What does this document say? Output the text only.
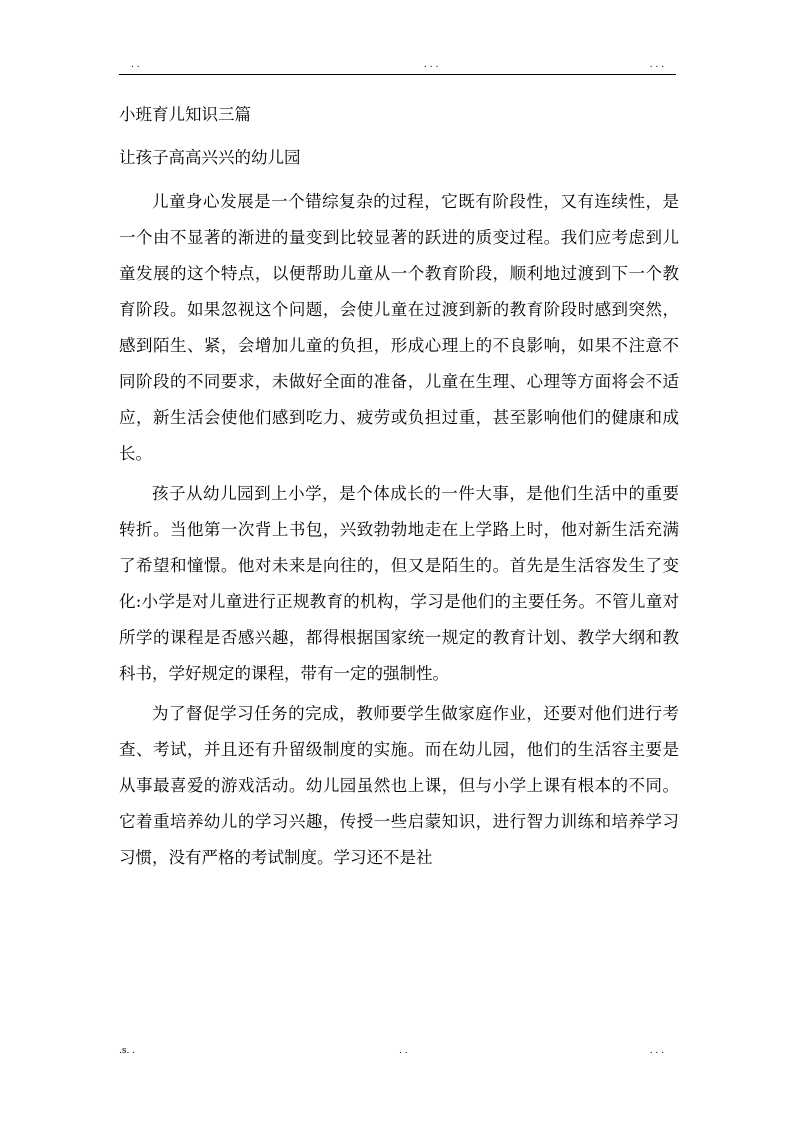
. .	. . .	. . .
小班育儿知识三篇
让孩子高高兴兴的幼儿园

儿童身心发展是一个错综复杂的过程，它既有阶段性，又有连续性，是一个由不显著的渐进的量变到比较显著的跃进的质变过程。我们应考虑到儿童发展的这个特点，以便帮助儿童从一个教育阶段，顺利地过渡到下一个教育阶段。如果忽视这个问题，会使儿童在过渡到新的教育阶段时感到突然，感到陌生、紧，会增加儿童的负担，形成心理上的不良影响，如果不注意不同阶段的不同要求，未做好全面的准备，儿童在生理、心理等方面将会不适应，新生活会使他们感到吃力、疲劳或负担过重，甚至影响他们的健康和成长。

孩子从幼儿园到上小学，是个体成长的一件大事，是他们生活中的重要转折。当他第一次背上书包，兴致勃勃地走在上学路上时，他对新生活充满了希望和憧憬。他对未来是向往的，但又是陌生的。首先是生活容发生了变化:小学是对儿童进行正规教育的机构，学习是他们的主要任务。不管儿童对所学的课程是否感兴趣，都得根据国家统一规定的教育计划、教学大纲和教科书，学好规定的课程，带有一定的强制性。

为了督促学习任务的完成，教师要学生做家庭作业，还要对他们进行考查、考试，并且还有升留级制度的实施。而在幼儿园，他们的生活容主要是从事最喜爱的游戏活动。幼儿园虽然也上课，但与小学上课有根本的不同。它着重培养幼儿的学习兴趣，传授一些启蒙知识，进行智力训练和培养学习习惯，没有严格的考试制度。学习还不是社

.s. .	. .	. . .
